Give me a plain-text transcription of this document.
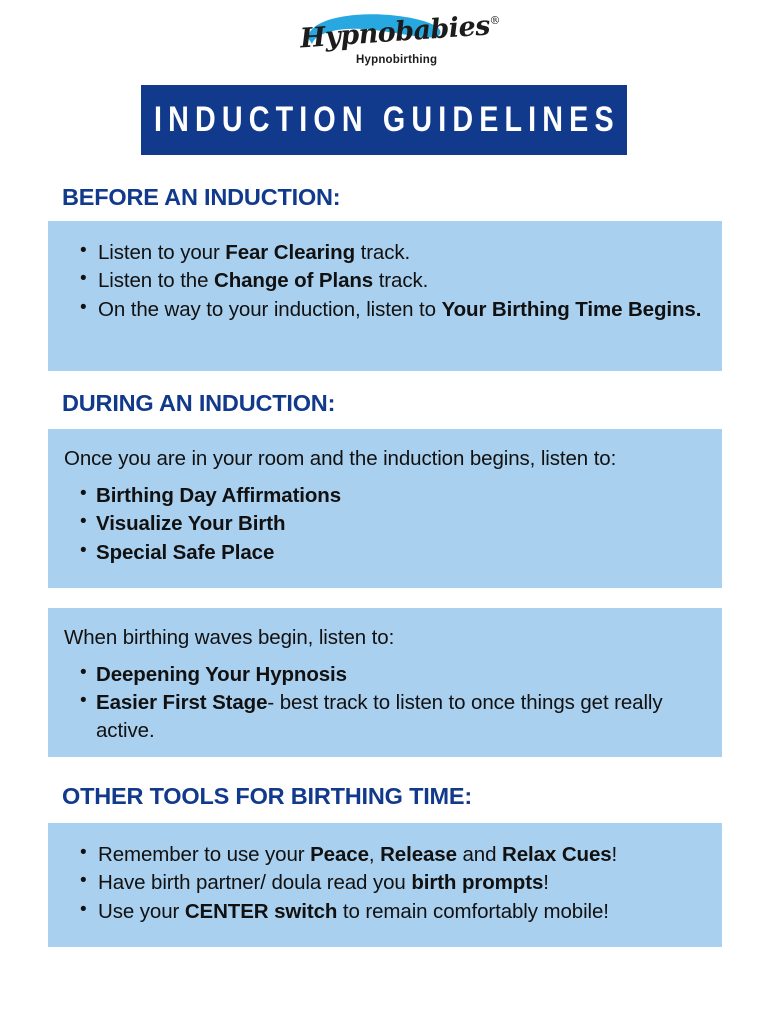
Hypnobabies®
Hypnobirthing
INDUCTION GUIDELINES
BEFORE AN INDUCTION:
• Listen to your Fear Clearing track.
• Listen to the Change of Plans track.
• On the way to your induction, listen to Your Birthing Time Begins.
DURING AN INDUCTION:

Once you are in your room and the induction begins, listen to:

• Birthing Day Affirmations
• Visualize Your Birth
• Special Safe Place

When birthing waves begin, listen to:

• Deepening Your Hypnosis
• Easier First Stage- best track to listen to once things get really active.
OTHER TOOLS FOR BIRTHING TIME:
• Remember to use your Peace, Release and Relax Cues!
• Have birth partner/ doula read you birth prompts!
• Use your CENTER switch to remain comfortably mobile!
